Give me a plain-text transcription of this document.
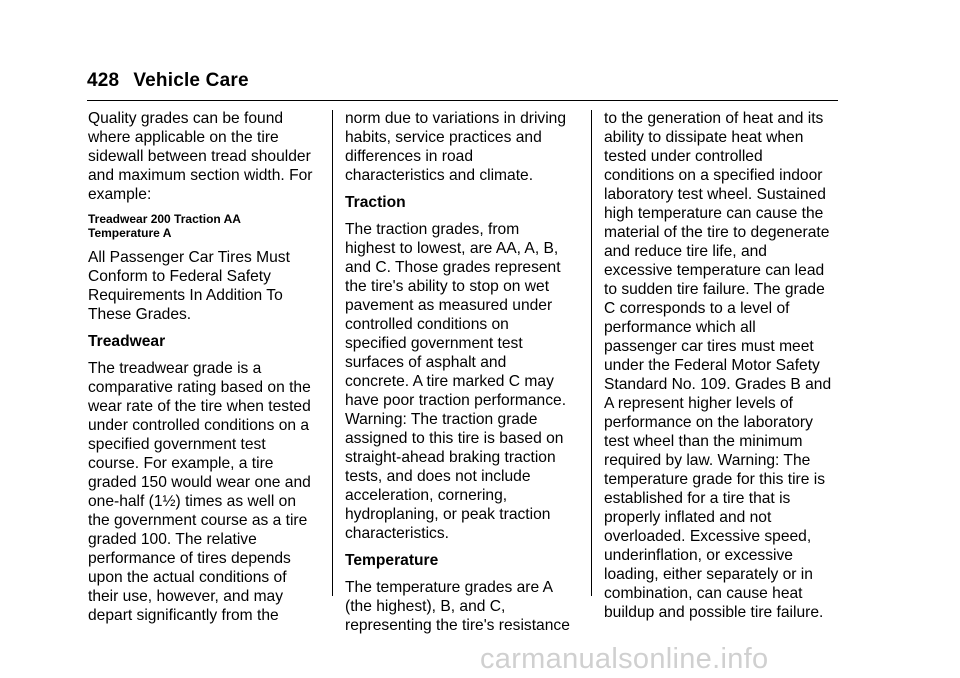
428 Vehicle Care
Quality grades can be found
where applicable on the tire
sidewall between tread shoulder
and maximum section width. For
example:
Treadwear 200 Traction AA
Temperature A
All Passenger Car Tires Must
Conform to Federal Safety
Requirements In Addition To
These Grades.
Treadwear
The treadwear grade is a
comparative rating based on the
wear rate of the tire when tested
under controlled conditions on a
specified government test
course. For example, a tire
graded 150 would wear one and
one-half (1½) times as well on
the government course as a tire
graded 100. The relative
performance of tires depends
upon the actual conditions of
their use, however, and may
depart significantly from the
norm due to variations in driving
habits, service practices and
differences in road
characteristics and climate.
Traction
The traction grades, from
highest to lowest, are AA, A, B,
and C. Those grades represent
the tire's ability to stop on wet
pavement as measured under
controlled conditions on
specified government test
surfaces of asphalt and
concrete. A tire marked C may
have poor traction performance.
Warning: The traction grade
assigned to this tire is based on
straight-ahead braking traction
tests, and does not include
acceleration, cornering,
hydroplaning, or peak traction
characteristics.
Temperature
The temperature grades are A
(the highest), B, and C,
representing the tire's resistance
to the generation of heat and its
ability to dissipate heat when
tested under controlled
conditions on a specified indoor
laboratory test wheel. Sustained
high temperature can cause the
material of the tire to degenerate
and reduce tire life, and
excessive temperature can lead
to sudden tire failure. The grade
C corresponds to a level of
performance which all
passenger car tires must meet
under the Federal Motor Safety
Standard No. 109. Grades B and
A represent higher levels of
performance on the laboratory
test wheel than the minimum
required by law. Warning: The
temperature grade for this tire is
established for a tire that is
properly inflated and not
overloaded. Excessive speed,
underinflation, or excessive
loading, either separately or in
combination, can cause heat
buildup and possible tire failure.
carmanualsonline.info
